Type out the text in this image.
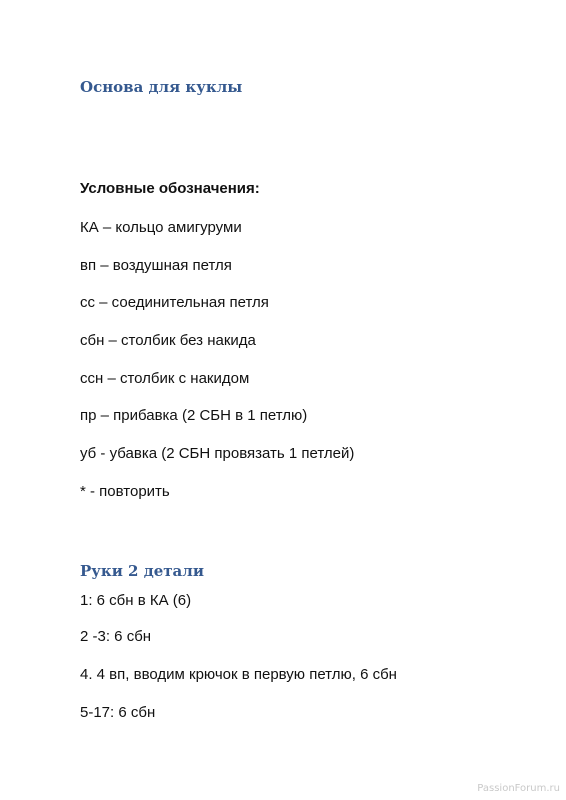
Основа для куклы
Условные обозначения:
КА – кольцо амигуруми
вп – воздушная петля
сс – соединительная петля
сбн – столбик без накида
ссн – столбик с накидом
пр – прибавка (2 СБН в 1 петлю)
уб - убавка (2 СБН провязать 1 петлей)
* - повторить
Руки 2 детали
1: 6 сбн в КА (6)
2 -3: 6 сбн
4. 4 вп, вводим крючок в первую петлю, 6 сбн
5-17: 6 сбн
PassionForum.ru
